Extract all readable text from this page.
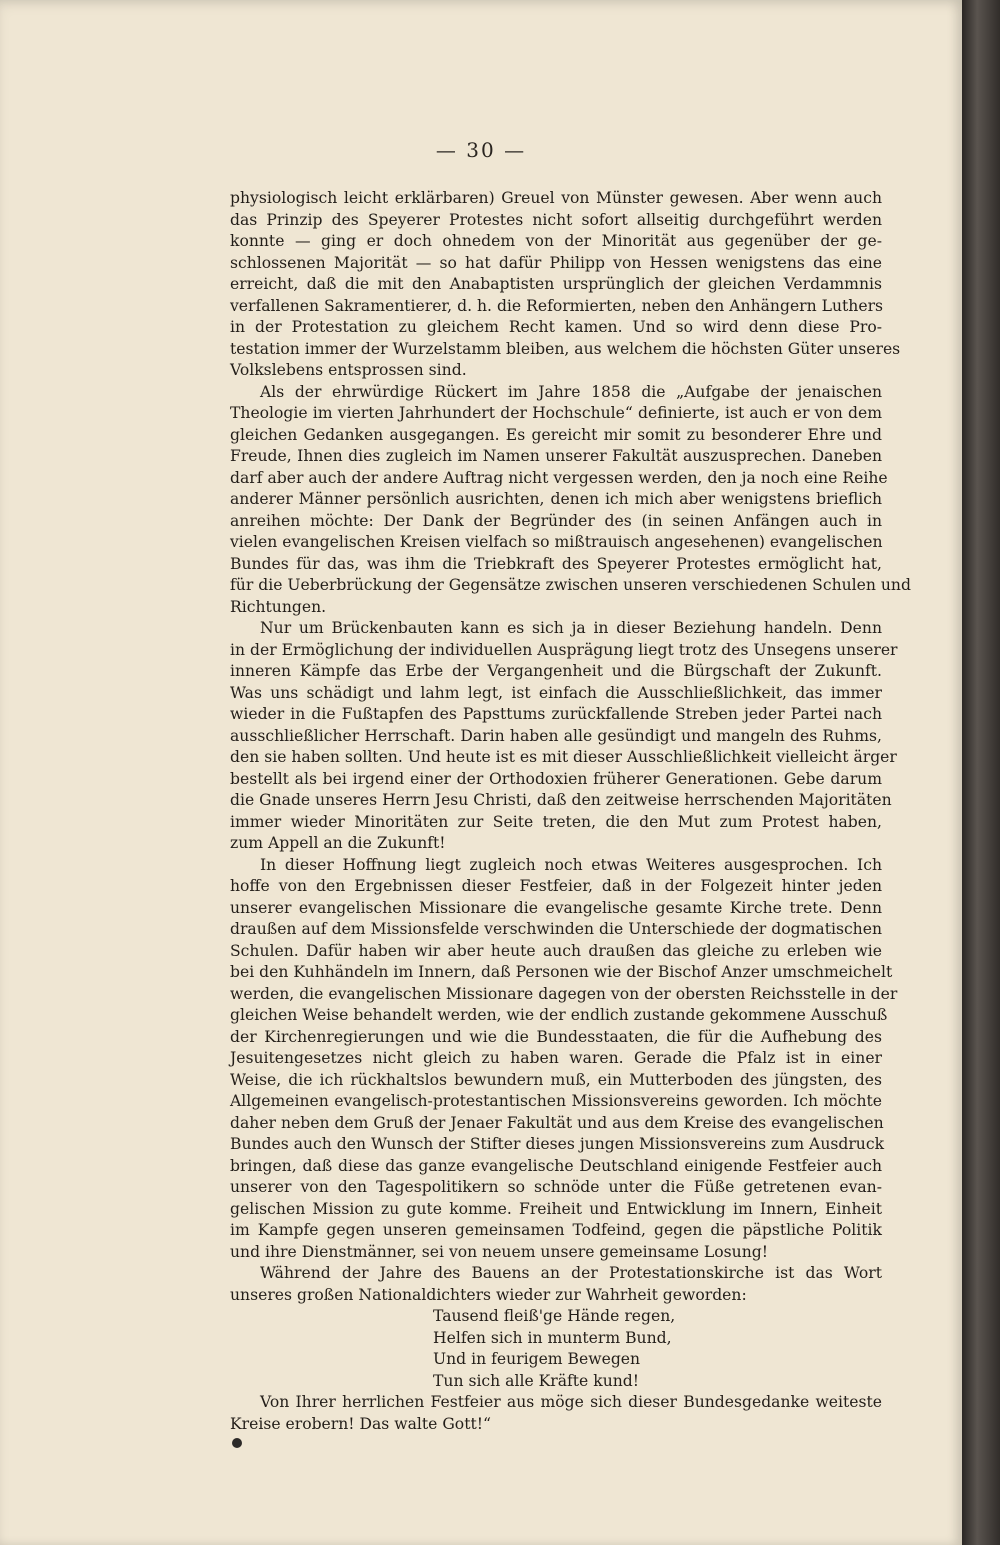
— 30 —
physiologisch leicht erklärbaren) Greuel von Münster gewesen. Aber wenn auch
das Prinzip des Speyerer Protestes nicht sofort allseitig durchgeführt werden
konnte — ging er doch ohnedem von der Minorität aus gegenüber der ge-
schlossenen Majorität — so hat dafür Philipp von Hessen wenigstens das eine
erreicht, daß die mit den Anabaptisten ursprünglich der gleichen Verdammnis
verfallenen Sakramentierer, d. h. die Reformierten, neben den Anhängern Luthers
in der Protestation zu gleichem Recht kamen. Und so wird denn diese Pro-
testation immer der Wurzelstamm bleiben, aus welchem die höchsten Güter unseres
Volkslebens entsprossen sind.
Als der ehrwürdige Rückert im Jahre 1858 die „Aufgabe der jenaischen
Theologie im vierten Jahrhundert der Hochschule“ definierte, ist auch er von dem
gleichen Gedanken ausgegangen. Es gereicht mir somit zu besonderer Ehre und
Freude, Ihnen dies zugleich im Namen unserer Fakultät auszusprechen. Daneben
darf aber auch der andere Auftrag nicht vergessen werden, den ja noch eine Reihe
anderer Männer persönlich ausrichten, denen ich mich aber wenigstens brieflich
anreihen möchte: Der Dank der Begründer des (in seinen Anfängen auch in
vielen evangelischen Kreisen vielfach so mißtrauisch angesehenen) evangelischen
Bundes für das, was ihm die Triebkraft des Speyerer Protestes ermöglicht hat,
für die Ueberbrückung der Gegensätze zwischen unseren verschiedenen Schulen und
Richtungen.
Nur um Brückenbauten kann es sich ja in dieser Beziehung handeln. Denn
in der Ermöglichung der individuellen Ausprägung liegt trotz des Unsegens unserer
inneren Kämpfe das Erbe der Vergangenheit und die Bürgschaft der Zukunft.
Was uns schädigt und lahm legt, ist einfach die Ausschließlichkeit, das immer
wieder in die Fußtapfen des Papsttums zurückfallende Streben jeder Partei nach
ausschließlicher Herrschaft. Darin haben alle gesündigt und mangeln des Ruhms,
den sie haben sollten. Und heute ist es mit dieser Ausschließlichkeit vielleicht ärger
bestellt als bei irgend einer der Orthodoxien früherer Generationen. Gebe darum
die Gnade unseres Herrn Jesu Christi, daß den zeitweise herrschenden Majoritäten
immer wieder Minoritäten zur Seite treten, die den Mut zum Protest haben,
zum Appell an die Zukunft!
In dieser Hoffnung liegt zugleich noch etwas Weiteres ausgesprochen. Ich
hoffe von den Ergebnissen dieser Festfeier, daß in der Folgezeit hinter jeden
unserer evangelischen Missionare die evangelische gesamte Kirche trete. Denn
draußen auf dem Missionsfelde verschwinden die Unterschiede der dogmatischen
Schulen. Dafür haben wir aber heute auch draußen das gleiche zu erleben wie
bei den Kuhhändeln im Innern, daß Personen wie der Bischof Anzer umschmeichelt
werden, die evangelischen Missionare dagegen von der obersten Reichsstelle in der
gleichen Weise behandelt werden, wie der endlich zustande gekommene Ausschuß
der Kirchenregierungen und wie die Bundesstaaten, die für die Aufhebung des
Jesuitengesetzes nicht gleich zu haben waren. Gerade die Pfalz ist in einer
Weise, die ich rückhaltslos bewundern muß, ein Mutterboden des jüngsten, des
Allgemeinen evangelisch-protestantischen Missionsvereins geworden. Ich möchte
daher neben dem Gruß der Jenaer Fakultät und aus dem Kreise des evangelischen
Bundes auch den Wunsch der Stifter dieses jungen Missionsvereins zum Ausdruck
bringen, daß diese das ganze evangelische Deutschland einigende Festfeier auch
unserer von den Tagespolitikern so schnöde unter die Füße getretenen evan-
gelischen Mission zu gute komme. Freiheit und Entwicklung im Innern, Einheit
im Kampfe gegen unseren gemeinsamen Todfeind, gegen die päpstliche Politik
und ihre Dienstmänner, sei von neuem unsere gemeinsame Losung!
Während der Jahre des Bauens an der Protestationskirche ist das Wort
unseres großen Nationaldichters wieder zur Wahrheit geworden:
Tausend fleiß'ge Hände regen,
Helfen sich in munterm Bund,
Und in feurigem Bewegen
Tun sich alle Kräfte kund!
Von Ihrer herrlichen Festfeier aus möge sich dieser Bundesgedanke weiteste
Kreise erobern! Das walte Gott!“
